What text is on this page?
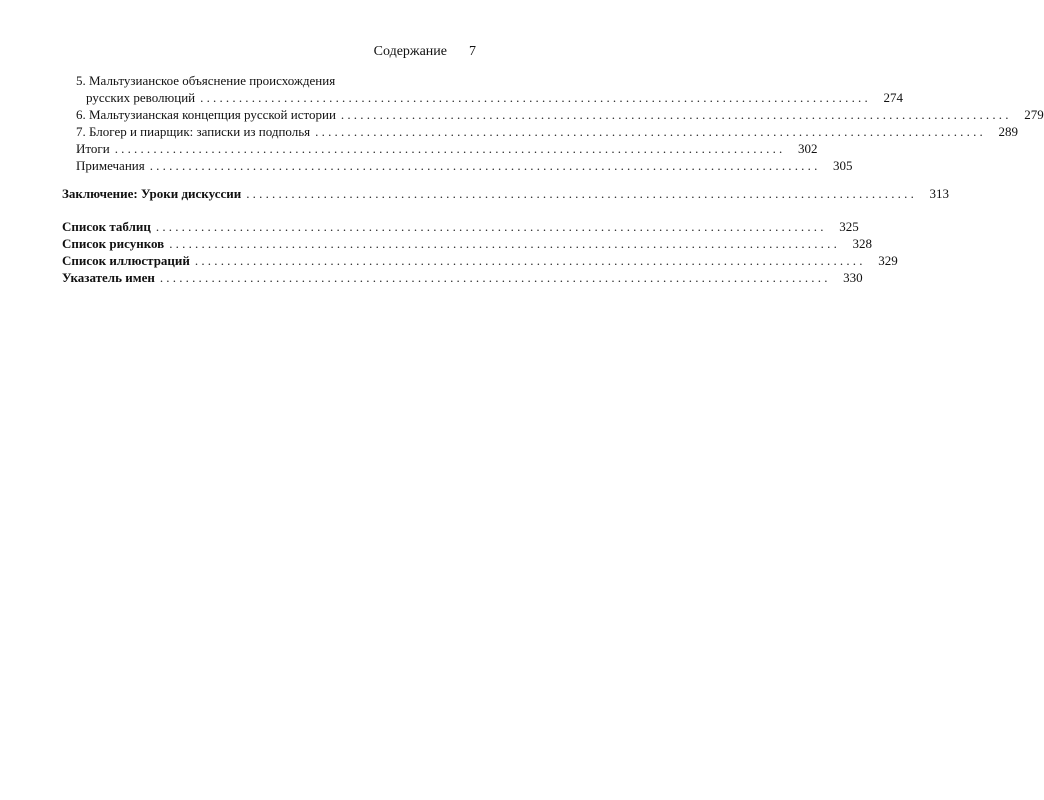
Содержание 7
5. Мальтузианское объяснение происхождения
русских революций ........................................................................................................ 274
6. Мальтузианская концепция русской истории ........................................................................................................ 279
7. Блогер и пиарщик: записки из подполья ........................................................................................................ 289
Итоги ........................................................................................................ 302
Примечания ........................................................................................................ 305
Заключение: Уроки дискуссии ........................................................................................................ 313
Список таблиц ........................................................................................................ 325
Список рисунков ........................................................................................................ 328
Список иллюстраций ........................................................................................................ 329
Указатель имен ........................................................................................................ 330
